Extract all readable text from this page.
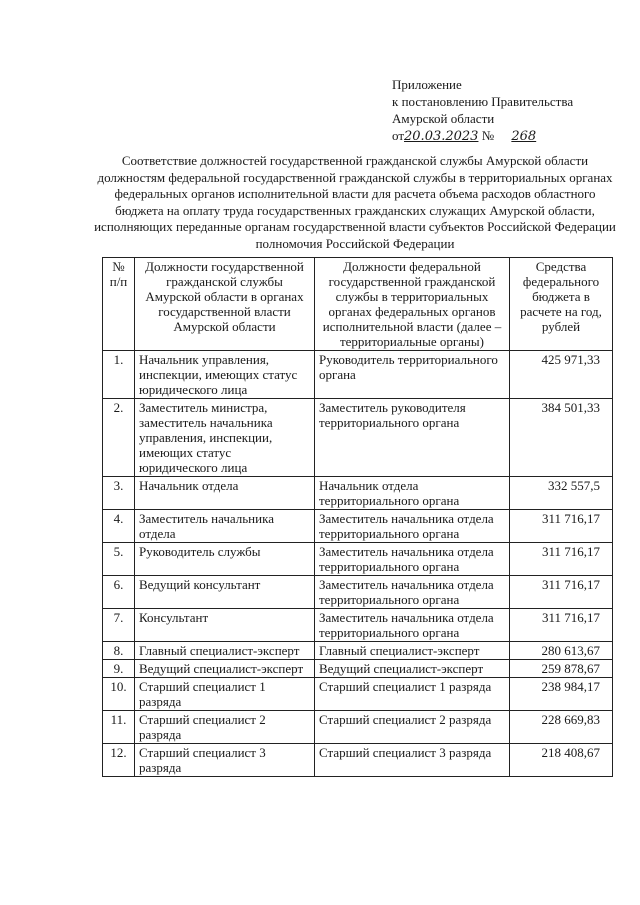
Приложение
к постановлению Правительства
Амурской области
от20.03.2023 № 268
Соответствие должностей государственной гражданской службы Амурской области должностям федеральной государственной гражданской службы в территориальных органах федеральных органов исполнительной власти для расчета объема расходов областного бюджета на оплату труда государственных гражданских служащих Амурской области, исполняющих переданные органам государственной власти субъектов Российской Федерации полномочия Российской Федерации
№ п/п	Должности государственной гражданской службы Амурской области в органах государственной власти Амурской области	Должности федеральной государственной гражданской службы в территориальных органах федеральных органов исполнительной власти (далее – территориальные органы)	Средства федерального бюджета в расчете на год, рублей
1.	Начальник управления, инспекции, имеющих статус юридического лица	Руководитель территориального органа	425 971,33
2.	Заместитель министра, заместитель начальника управления, инспекции, имеющих статус юридического лица	Заместитель руководителя территориального органа	384 501,33
3.	Начальник отдела	Начальник отдела территориального органа	332 557,5
4.	Заместитель начальника отдела	Заместитель начальника отдела территориального органа	311 716,17
5.	Руководитель службы	Заместитель начальника отдела территориального органа	311 716,17
6.	Ведущий консультант	Заместитель начальника отдела территориального органа	311 716,17
7.	Консультант	Заместитель начальника отдела территориального органа	311 716,17
8.	Главный специалист-эксперт	Главный специалист-эксперт	280 613,67
9.	Ведущий специалист-эксперт	Ведущий специалист-эксперт	259 878,67
10.	Старший специалист 1 разряда	Старший специалист 1 разряда	238 984,17
11.	Старший специалист 2 разряда	Старший специалист 2 разряда	228 669,83
12.	Старший специалист 3 разряда	Старший специалист 3 разряда	218 408,67
